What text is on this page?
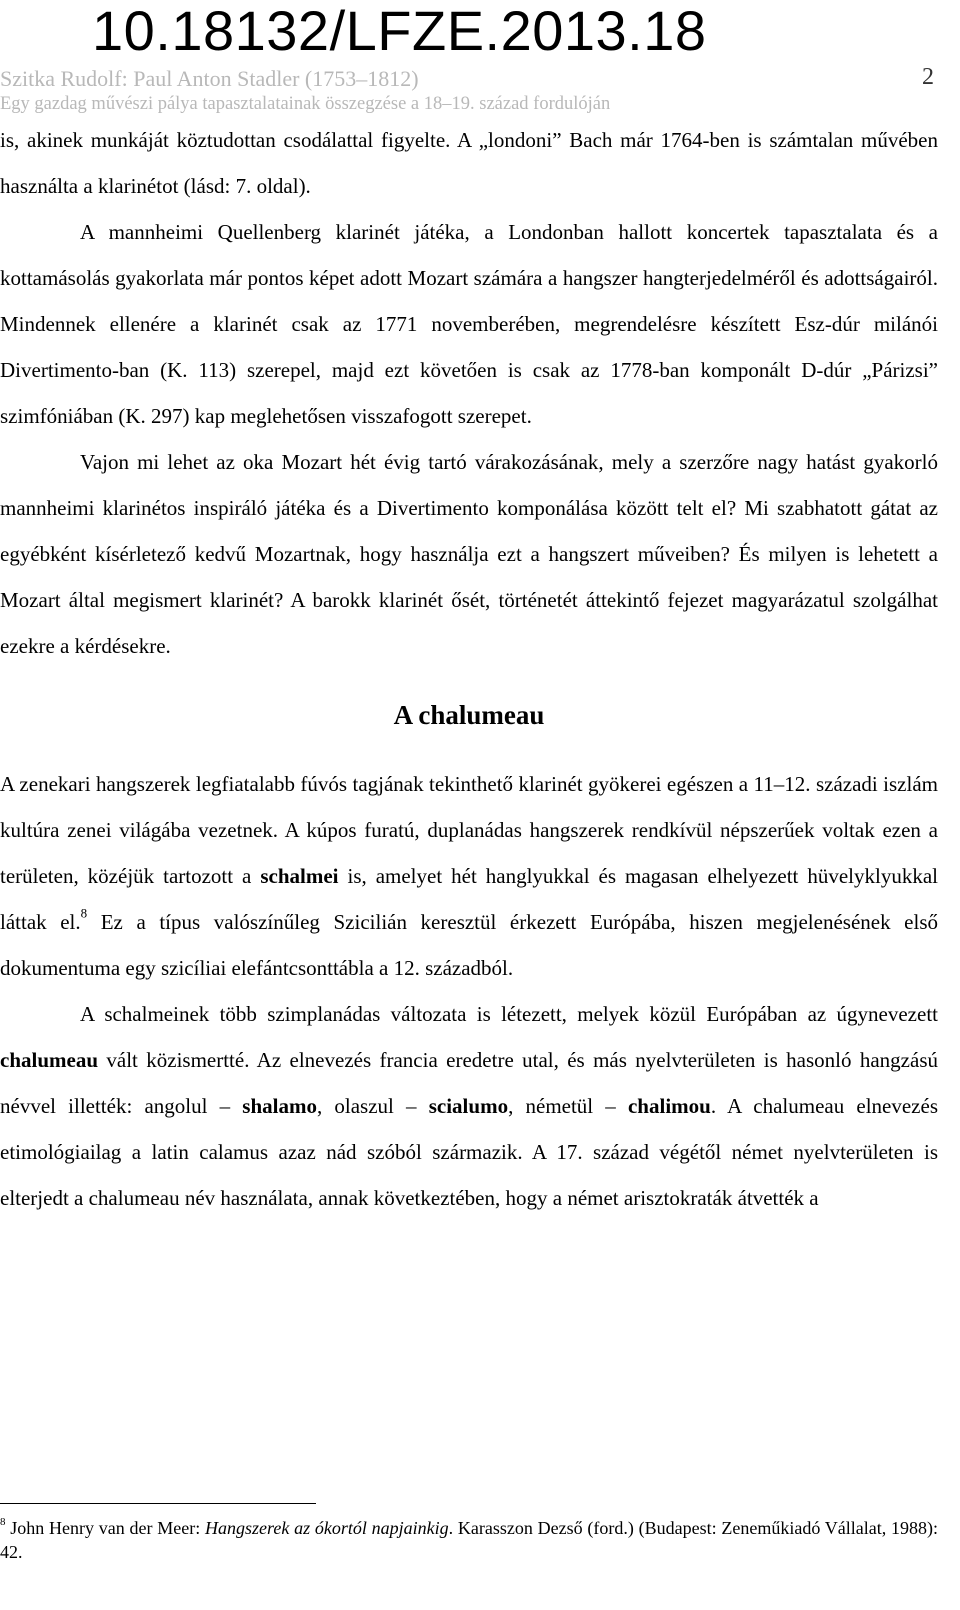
10.18132/LFZE.2013.18
Szitka Rudolf: Paul Anton Stadler (1753–1812)
Egy gazdag művészi pálya tapasztalatainak összegzése a 18–19. század fordulóján
2

is, akinek munkáját köztudottan csodálattal figyelte. A „londoni” Bach már 1764-ben is számtalan művében használta a klarinétot (lásd: 7. oldal).

A mannheimi Quellenberg klarinét játéka, a Londonban hallott koncertek tapasztalata és a kottamásolás gyakorlata már pontos képet adott Mozart számára a hangszer hangterjedelméről és adottságairól. Mindennek ellenére a klarinét csak az 1771 novemberében, megrendelésre készített Esz-dúr milánói Divertimento-ban (K. 113) szerepel, majd ezt követően is csak az 1778-ban komponált D-dúr „Párizsi” szimfóniában (K. 297) kap meglehetősen visszafogott szerepet.

Vajon mi lehet az oka Mozart hét évig tartó várakozásának, mely a szerzőre nagy hatást gyakorló mannheimi klarinétos inspiráló játéka és a Divertimento komponálása között telt el? Mi szabhatott gátat az egyébként kísérletező kedvű Mozartnak, hogy használja ezt a hangszert műveiben? És milyen is lehetett a Mozart által megismert klarinét? A barokk klarinét ősét, történetét áttekintő fejezet magyarázatul szolgálhat ezekre a kérdésekre.

A chalumeau

A zenekari hangszerek legfiatalabb fúvós tagjának tekinthető klarinét gyökerei egészen a 11–12. századi iszlám kultúra zenei világába vezetnek. A kúpos furatú, duplanádas hangszerek rendkívül népszerűek voltak ezen a területen, közéjük tartozott a schalmei is, amelyet hét hanglyukkal és magasan elhelyezett hüvelyklyukkal láttak el.$^8$ Ez a típus valószínűleg Szicilián keresztül érkezett Európába, hiszen megjelenésének első dokumentuma egy szicíliai elefántcsonttábla a 12. századból.

A schalmeinek több szimplanádas változata is létezett, melyek közül Európában az úgynevezett chalumeau vált közismertté. Az elnevezés francia eredetre utal, és más nyelvterületen is hasonló hangzású névvel illették: angolul – shalamo, olaszul – scialumo, németül – chalimou. A chalumeau elnevezés etimológiailag a latin calamus azaz nád szóból származik. A 17. század végétől német nyelvterületen is elterjedt a chalumeau név használata, annak következtében, hogy a német arisztokraták átvették a

$^8$ John Henry van der Meer: Hangszerek az ókortól napjainkig. Karasszon Dezső (ford.) (Budapest: Zeneműkiadó Vállalat, 1988): 42.
